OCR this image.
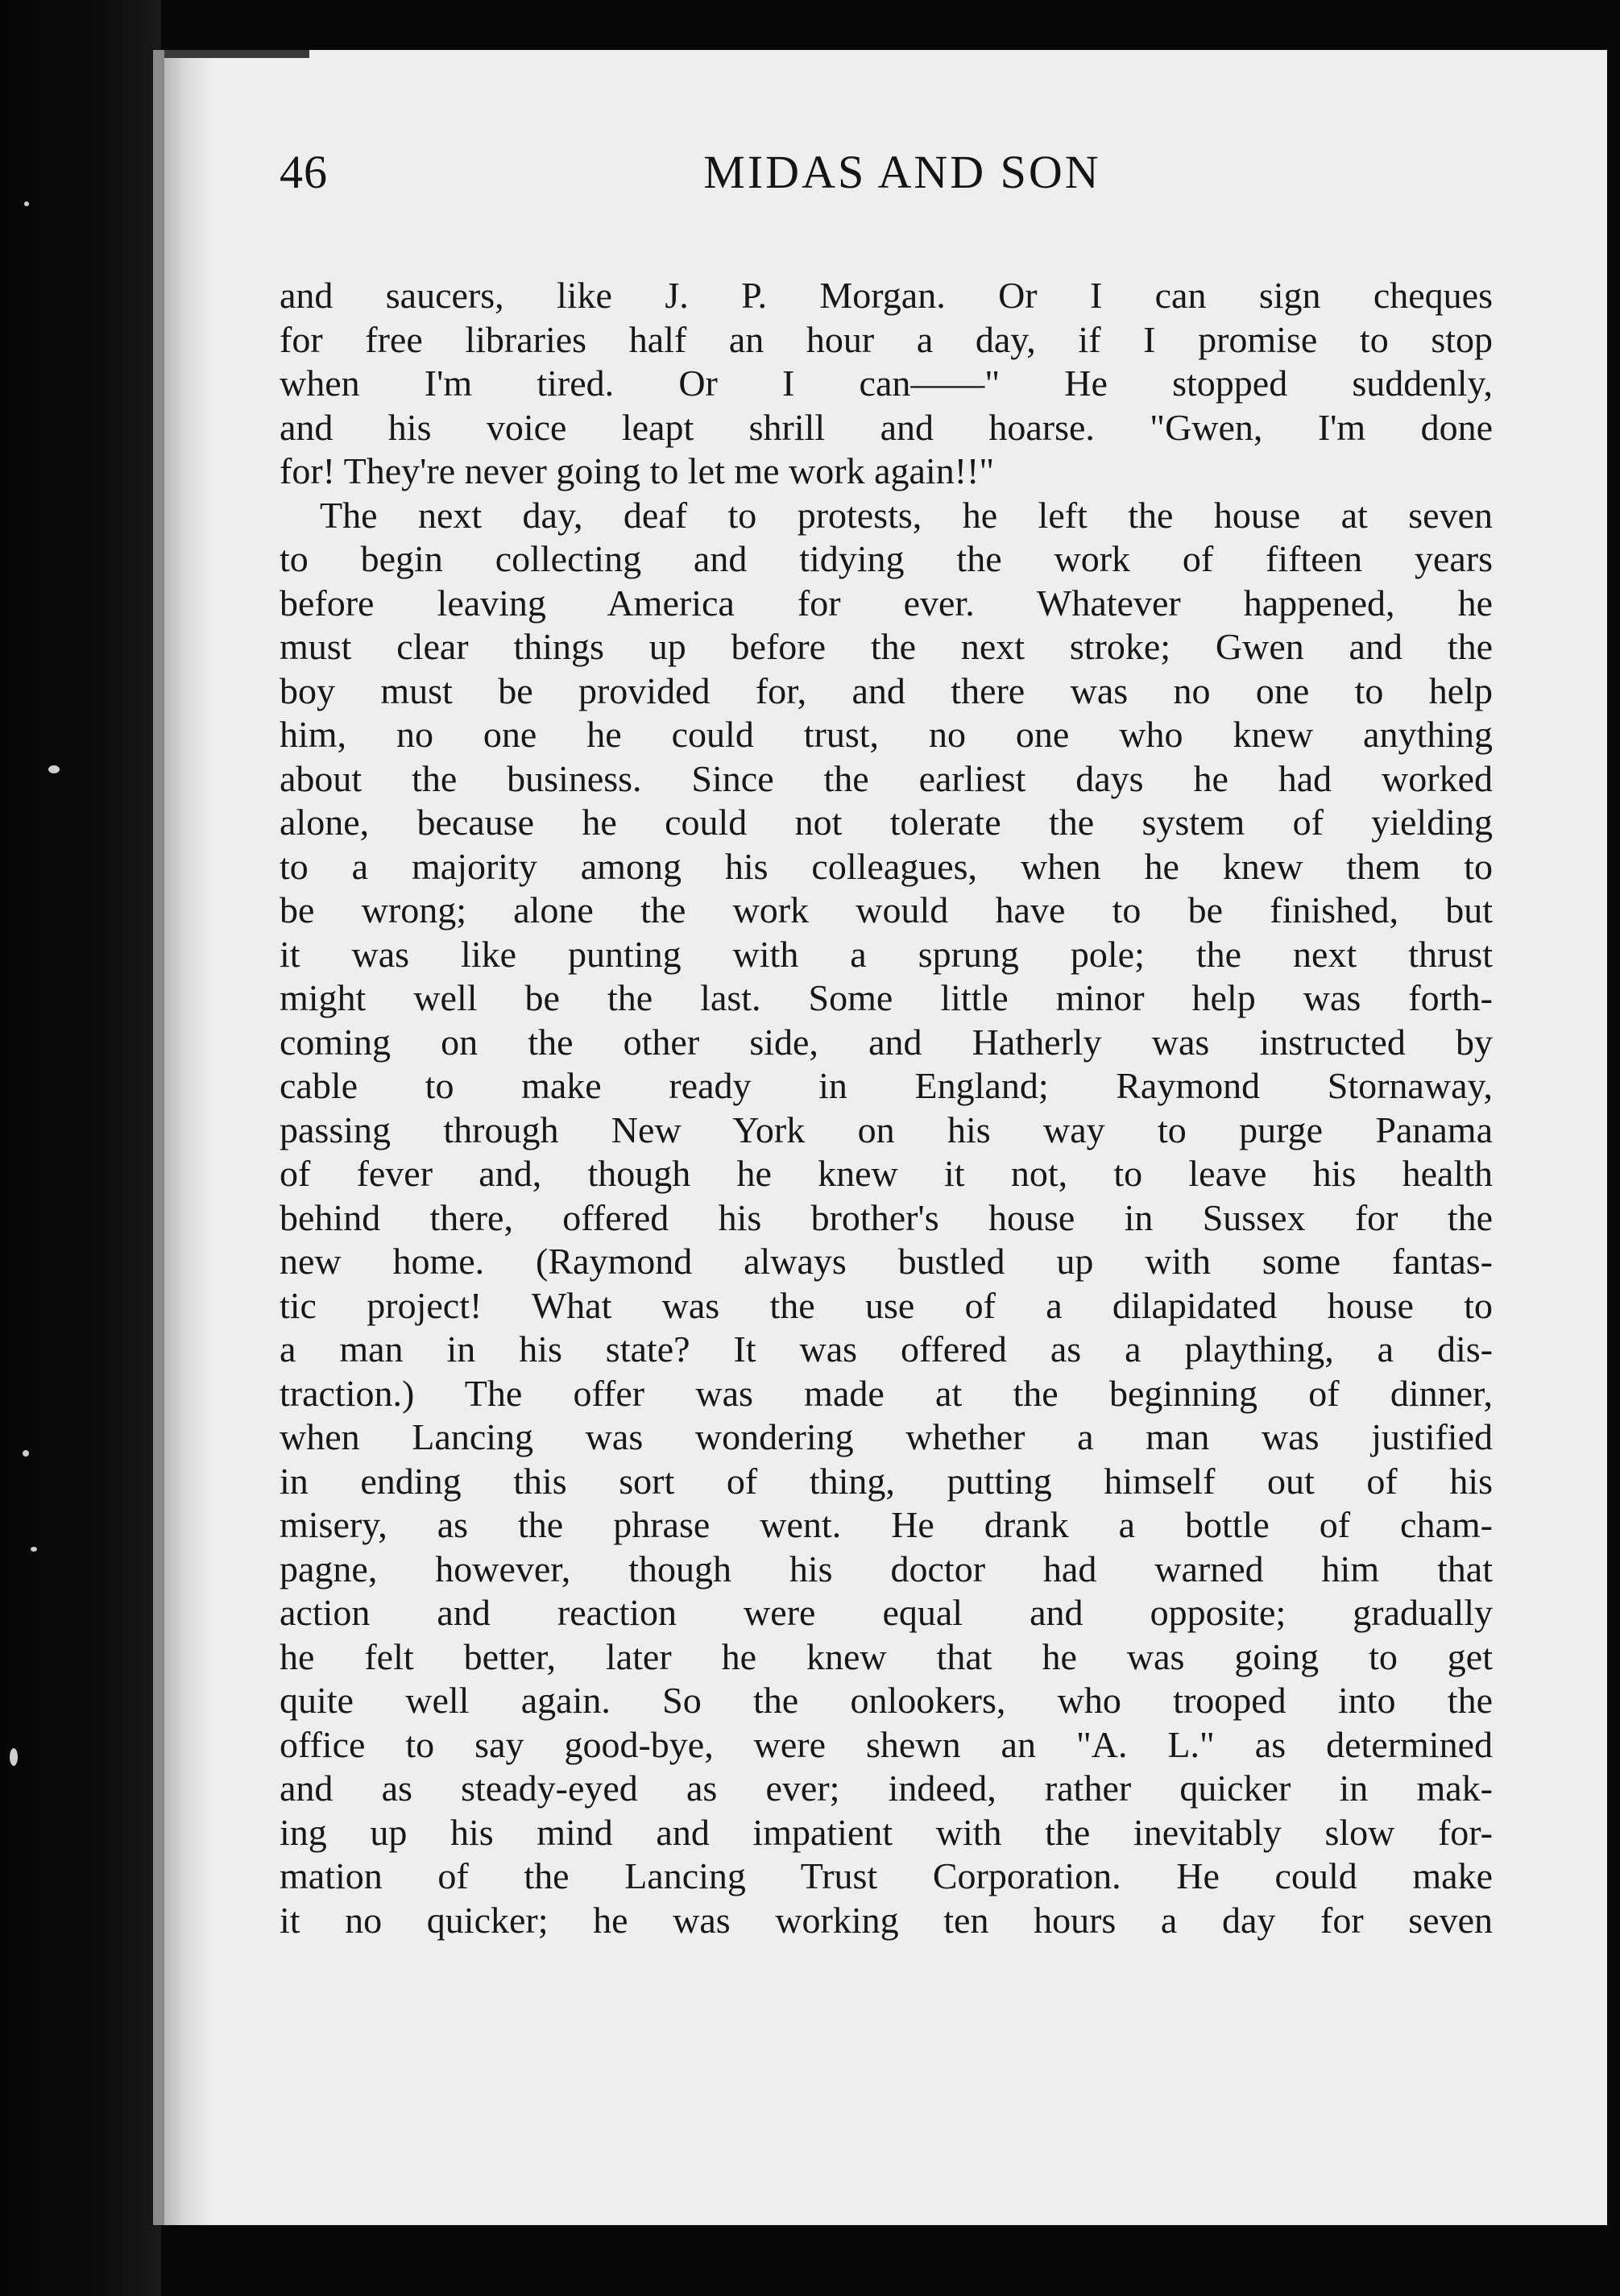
46	MIDAS AND SON
and saucers, like J. P. Morgan. Or I can sign cheques
for free libraries half an hour a day, if I promise to stop
when I'm tired. Or I can——" He stopped suddenly,
and his voice leapt shrill and hoarse. "Gwen, I'm done
for! They're never going to let me work again!!"
The next day, deaf to protests, he left the house at seven
to begin collecting and tidying the work of fifteen years
before leaving America for ever. Whatever happened, he
must clear things up before the next stroke; Gwen and the
boy must be provided for, and there was no one to help
him, no one he could trust, no one who knew anything
about the business. Since the earliest days he had worked
alone, because he could not tolerate the system of yielding
to a majority among his colleagues, when he knew them to
be wrong; alone the work would have to be finished, but
it was like punting with a sprung pole; the next thrust
might well be the last. Some little minor help was forth-
coming on the other side, and Hatherly was instructed by
cable to make ready in England; Raymond Stornaway,
passing through New York on his way to purge Panama
of fever and, though he knew it not, to leave his health
behind there, offered his brother's house in Sussex for the
new home. (Raymond always bustled up with some fantas-
tic project! What was the use of a dilapidated house to
a man in his state? It was offered as a plaything, a dis-
traction.) The offer was made at the beginning of dinner,
when Lancing was wondering whether a man was justified
in ending this sort of thing, putting himself out of his
misery, as the phrase went. He drank a bottle of cham-
pagne, however, though his doctor had warned him that
action and reaction were equal and opposite; gradually
he felt better, later he knew that he was going to get
quite well again. So the onlookers, who trooped into the
office to say good-bye, were shewn an "A. L." as determined
and as steady-eyed as ever; indeed, rather quicker in mak-
ing up his mind and impatient with the inevitably slow for-
mation of the Lancing Trust Corporation. He could make
it no quicker; he was working ten hours a day for seven
